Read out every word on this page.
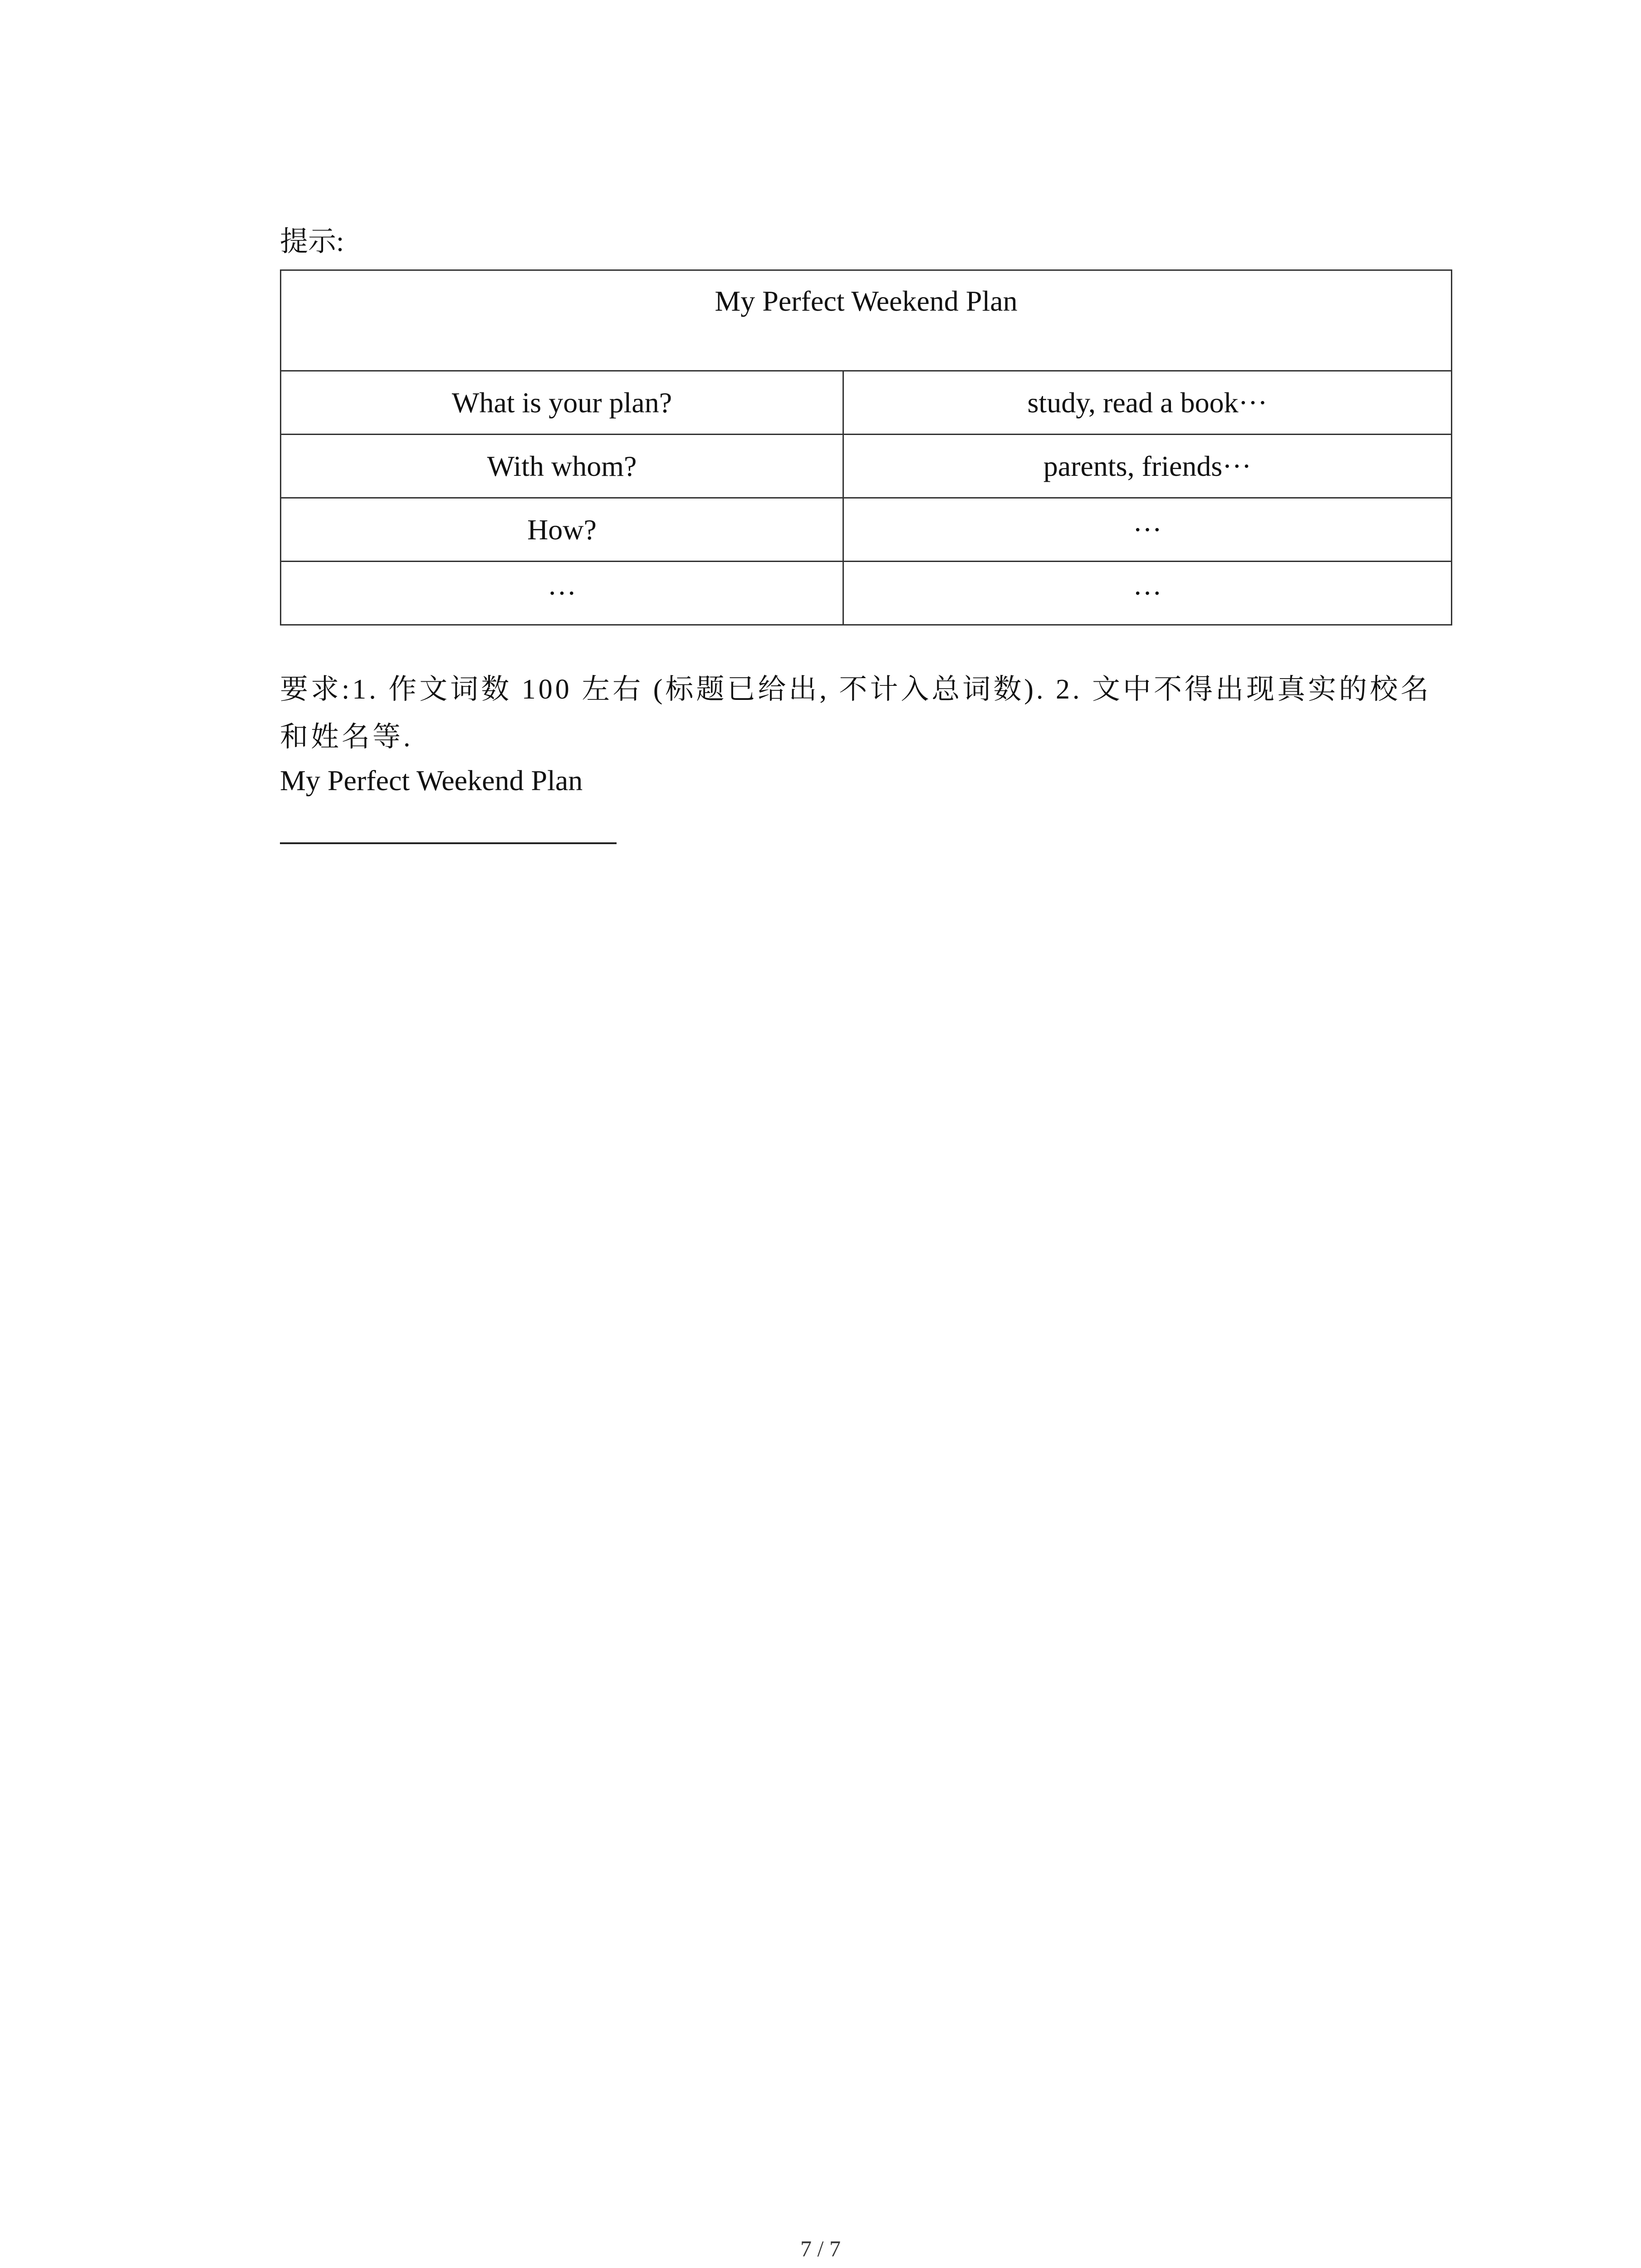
提示:
My Perfect Weekend Plan	
What is your plan?	study, read a book···
With whom?	parents, friends···
How?	···
···	···
要求:1. 作文词数 100 左右 (标题已给出, 不计入总词数). 2. 文中不得出现真实的校名和姓名等.
My Perfect Weekend Plan
7 / 7
